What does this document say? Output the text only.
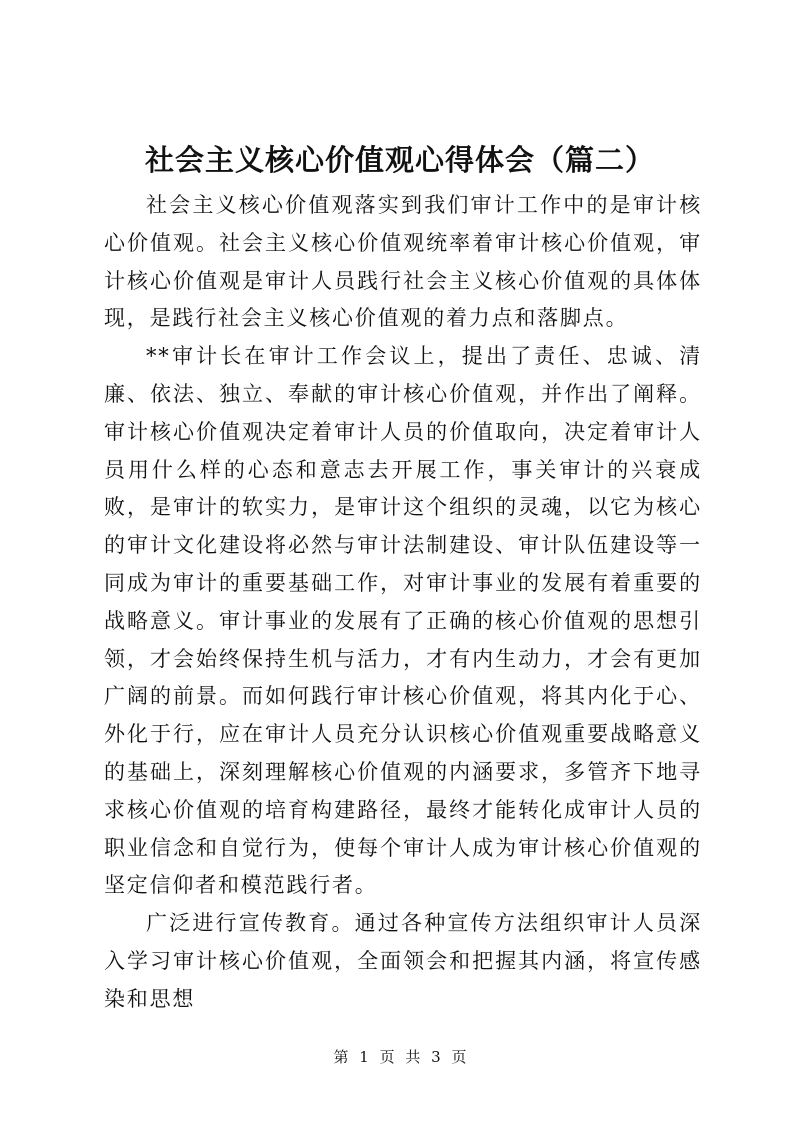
社会主义核心价值观心得体会（篇二）

社会主义核心价值观落实到我们审计工作中的是审计核心价值观。社会主义核心价值观统率着审计核心价值观，审计核心价值观是审计人员践行社会主义核心价值观的具体体现，是践行社会主义核心价值观的着力点和落脚点。

**审计长在审计工作会议上，提出了责任、忠诚、清廉、依法、独立、奉献的审计核心价值观，并作出了阐释。审计核心价值观决定着审计人员的价值取向，决定着审计人员用什么样的心态和意志去开展工作，事关审计的兴衰成败，是审计的软实力，是审计这个组织的灵魂，以它为核心的审计文化建设将必然与审计法制建设、审计队伍建设等一同成为审计的重要基础工作，对审计事业的发展有着重要的战略意义。审计事业的发展有了正确的核心价值观的思想引领，才会始终保持生机与活力，才有内生动力，才会有更加广阔的前景。而如何践行审计核心价值观，将其内化于心、外化于行，应在审计人员充分认识核心价值观重要战略意义的基础上，深刻理解核心价值观的内涵要求，多管齐下地寻求核心价值观的培育构建路径，最终才能转化成审计人员的职业信念和自觉行为，使每个审计人成为审计核心价值观的坚定信仰者和模范践行者。

广泛进行宣传教育。通过各种宣传方法组织审计人员深入学习审计核心价值观，全面领会和把握其内涵，将宣传感染和思想

第 1 页 共 3 页
